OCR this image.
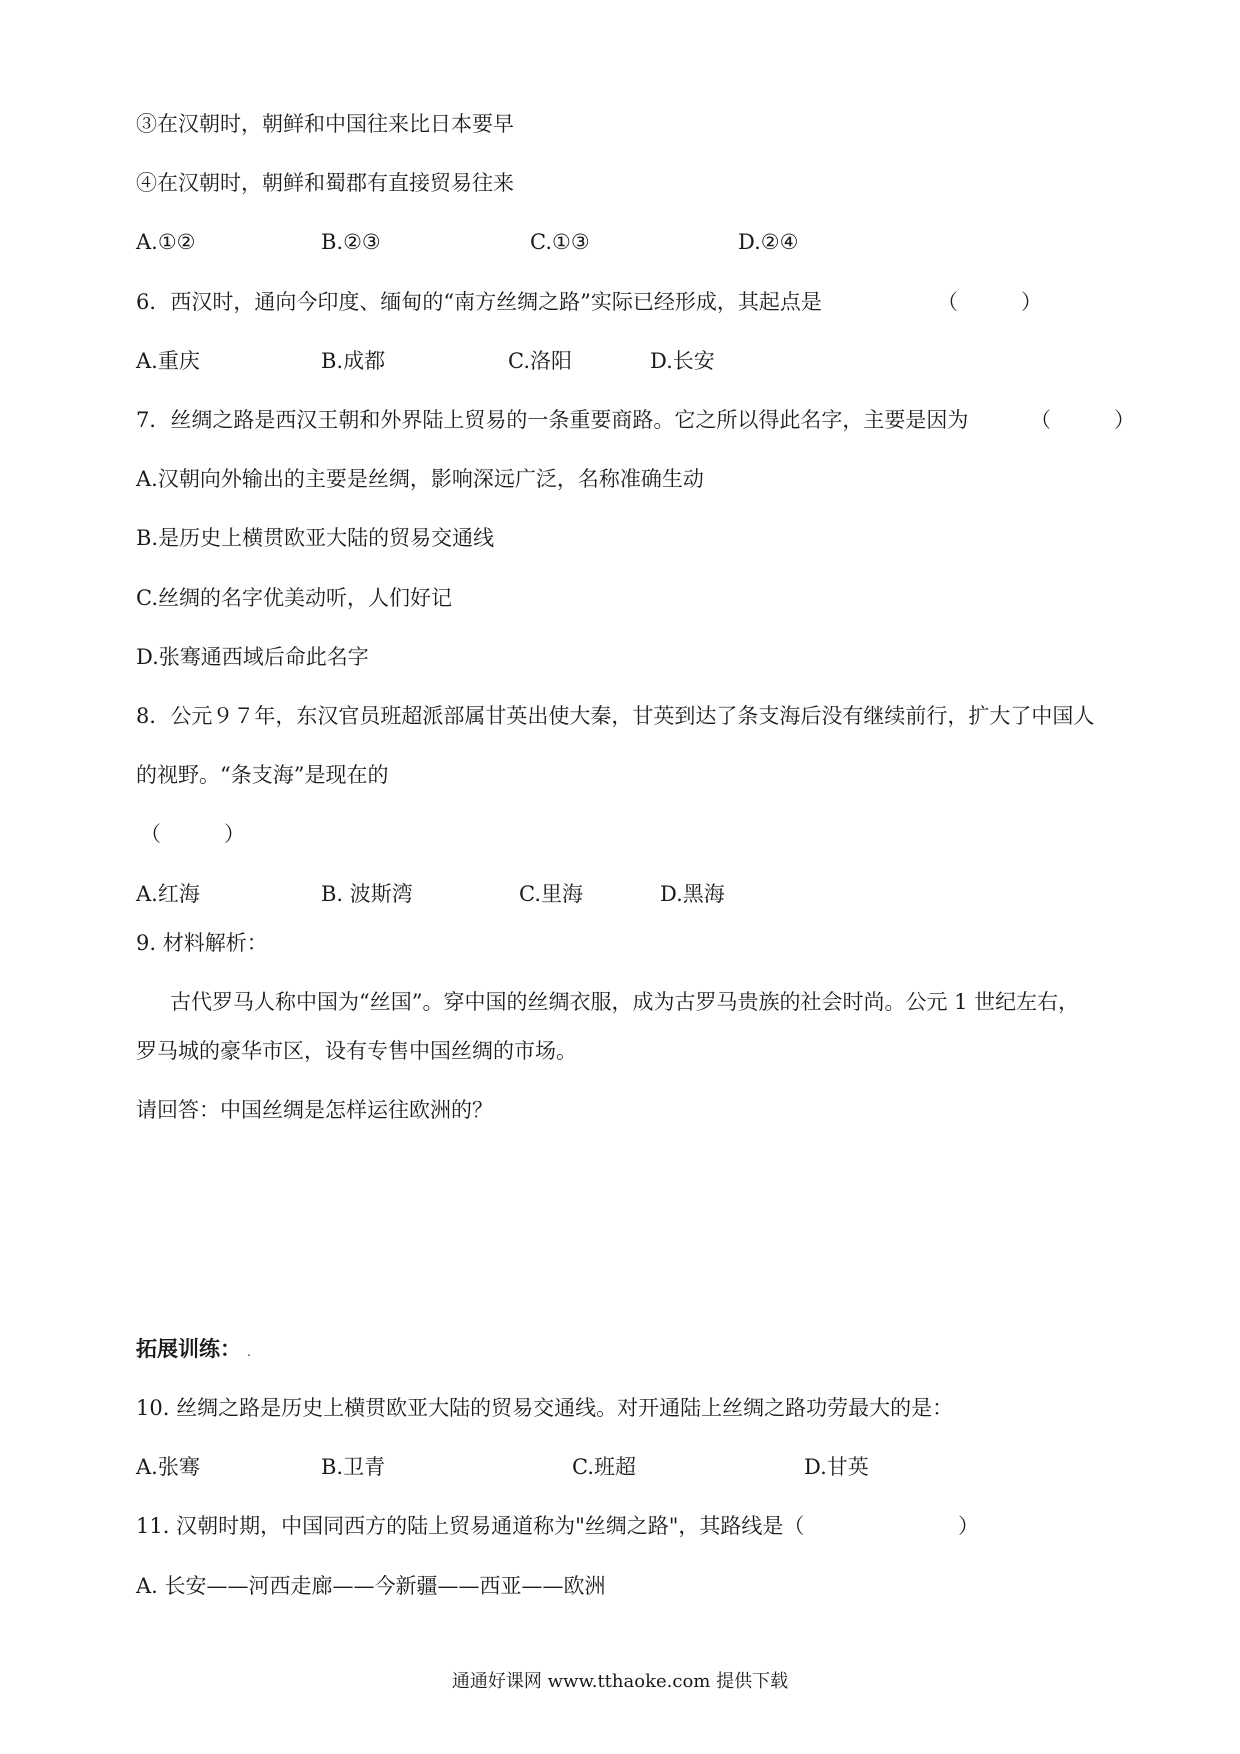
③在汉朝时，朝鲜和中国往来比日本要早
④在汉朝时，朝鲜和蜀郡有直接贸易往来
A.①②	B.②③	C.①③	D.②④
6．西汉时，通向今印度、缅甸的“南方丝绸之路”实际已经形成，其起点是	（　　　）
A.重庆	B.成都	C.洛阳	D.长安
7．丝绸之路是西汉王朝和外界陆上贸易的一条重要商路。它之所以得此名字，主要是因为	（　　　）
A.汉朝向外输出的主要是丝绸，影响深远广泛，名称准确生动
B.是历史上横贯欧亚大陆的贸易交通线
C.丝绸的名字优美动听，人们好记
D.张骞通西域后命此名字
8．公元９７年，东汉官员班超派部属甘英出使大秦，甘英到达了条支海后没有继续前行，扩大了中国人
的视野。“条支海”是现在的
（　　　）
A.红海	B. 波斯湾	C.里海	D.黑海
9. 材料解析：
古代罗马人称中国为“丝国”。穿中国的丝绸衣服，成为古罗马贵族的社会时尚。公元 1 世纪左右，
罗马城的豪华市区，设有专售中国丝绸的市场。
请回答：中国丝绸是怎样运往欧洲的？
拓展训练： .
10. 丝绸之路是历史上横贯欧亚大陆的贸易交通线。对开通陆上丝绸之路功劳最大的是：
A.张骞	B.卫青	C.班超	D.甘英
11. 汉朝时期，中国同西方的陆上贸易通道称为"丝绸之路"，其路线是（	）
A. 长安——河西走廊——今新疆——西亚——欧洲
通通好课网 www.tthaoke.com 提供下载
